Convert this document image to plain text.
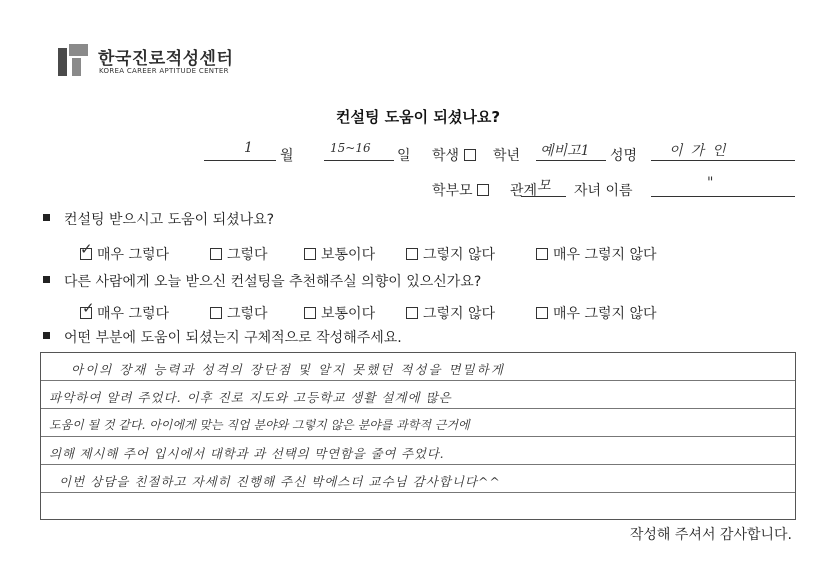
한국진로적성센터
KOREA CAREER APTITUDE CENTER
컨설팅 도움이 되셨나요?
1 월	15~16 일 학생	학년 예비고1 성명 이가인
학부모	관계 모 자녀 이름	"
컨설팅 받으시고 도움이 되셨나요?
✓ 매우 그렇다	그렇다	보통이다	그렇지 않다	매우 그렇지 않다
다른 사람에게 오늘 받으신 컨설팅을 추천해주실 의향이 있으신가요?
✓ 매우 그렇다	그렇다	보통이다	그렇지 않다	매우 그렇지 않다
어떤 부분에 도움이 되셨는지 구체적으로 작성해주세요.
아이의 장재 능력과 성격의 장단점 및 알지 못했던 적성을 면밀하게
파악하여 알려 주었다. 이후 진로 지도와 고등학교 생활 설계에 많은
도움이 될 것 같다. 아이에게 맞는 직업 분야와 그렇지 않은 분야를 과학적 근거에
의해 제시해 주어 입시에서 대학과 과 선택의 막연함을 줄여 주었다.
이번 상담을 친절하고 자세히 진행해 주신 박에스더 교수님 감사합니다^^
작성해 주셔서 감사합니다.
